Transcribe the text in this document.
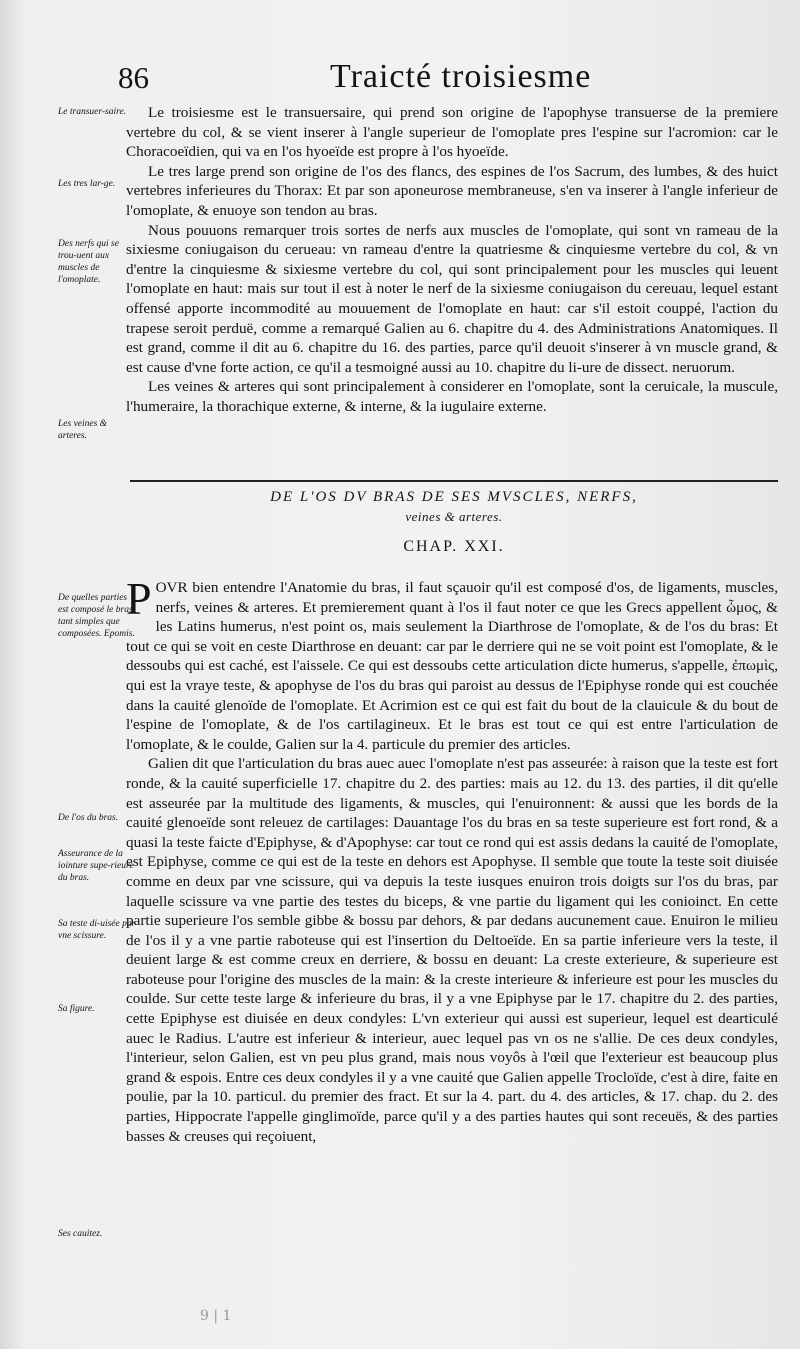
86	Traicté troisiesme
Le transuer-saire.
Les tres lar-ge.
Des nerfs qui se trou-uent aux muscles de l'omoplate.
Les veines & arteres.
De quelles parties est composé le bras tant simples que composées. Epomis.
De l'os du bras.
Asseurance de la iointure supe-rieure du bras.
Sa teste di-uisée par vne scissure.
Sa figure.
Ses cauitez.

Le troisiesme est le transuersaire, qui prend son origine de l'apophyse transuerse de la premiere vertebre du col, & se vient inserer à l'angle superieur de l'omoplate pres l'espine sur l'acromion: car le Choracoeïdien, qui va en l'os hyoeïde est propre à l'os hyoeïde.

Le tres large prend son origine de l'os des flancs, des espines de l'os Sacrum, des lumbes, & des huict vertebres inferieures du Thorax: Et par son aponeurose membraneuse, s'en va inserer à l'angle inferieur de l'omoplate, & enuoye son tendon au bras.

Nous pouuons remarquer trois sortes de nerfs aux muscles de l'omoplate, qui sont vn rameau de la sixiesme coniugaison du cerueau: vn rameau d'entre la quatriesme & cinquiesme vertebre du col, & vn d'entre la cinquiesme & sixiesme vertebre du col, qui sont principalement pour les muscles qui leuent l'omoplate en haut: mais sur tout il est à noter le nerf de la sixiesme coniugaison du cereuau, lequel estant offensé apporte incommodité au mouuement de l'omoplate en haut: car s'il estoit couppé, l'action du trapese seroit perduë, comme a remarqué Galien au 6. chapitre du 4. des Administrations Anatomiques. Il est grand, comme il dit au 6. chapitre du 16. des parties, parce qu'il deuoit s'inserer à vn muscle grand, & est cause d'vne forte action, ce qu'il a tesmoigné aussi au 10. chapitre du li-ure de dissect. neruorum.

Les veines & arteres qui sont principalement à considerer en l'omoplate, sont la ceruicale, la muscule, l'humeraire, la thorachique externe, & interne, & la iugulaire externe.

DE L'OS DV BRAS DE SES MVSCLES, NERFS,
veines & arteres.
CHAP. XXI.

POVR bien entendre l'Anatomie du bras, il faut sçauoir qu'il est composé d'os, de ligaments, muscles, nerfs, veines & arteres. Et premierement quant à l'os il faut noter ce que les Grecs appellent ὦμος, & les Latins humerus, n'est point os, mais seulement la Diarthrose de l'omoplate, & de l'os du bras: Et tout ce qui se voit en ceste Diarthrose en deuant: car par le derriere qui ne se voit point est l'omoplate, & le dessoubs qui est caché, est l'aissele. Ce qui est dessoubs cette articulation dicte humerus, s'appelle, ἐπωμὶς, qui est la vraye teste, & apophyse de l'os du bras qui paroist au dessus de l'Epiphyse ronde qui est couchée dans la cauité glenoïde de l'omoplate. Et Acrimion est ce qui est fait du bout de la clauicule & du bout de l'espine de l'omoplate, & de l'os cartilagineux. Et le bras est tout ce qui est entre l'articulation de l'omoplate, & le coulde, Galien sur la 4. particule du premier des articles.

Galien dit que l'articulation du bras auec auec l'omoplate n'est pas asseurée: à raison que la teste est fort ronde, & la cauité superficielle 17. chapitre du 2. des parties: mais au 12. du 13. des parties, il dit qu'elle est asseurée par la multitude des ligaments, & muscles, qui l'enuironnent: & aussi que les bords de la cauité glenoeïde sont releuez de cartilages: Dauantage l'os du bras en sa teste superieure est fort rond, & a quasi la teste faicte d'Epiphyse, & d'Apophyse: car tout ce rond qui est assis dedans la cauité de l'omoplate, est Epiphyse, comme ce qui est de la teste en dehors est Apophyse. Il semble que toute la teste soit diuisée comme en deux par vne scissure, qui va depuis la teste iusques enuiron trois doigts sur l'os du bras, par laquelle scissure va vne partie des testes du biceps, & vne partie du ligament qui les conioinct. En cette partie superieure l'os semble gibbe & bossu par dehors, & par dedans aucunement caue. Enuiron le milieu de l'os il y a vne partie raboteuse qui est l'insertion du Deltoeïde. En sa partie inferieure vers la teste, il deuient large & est comme creux en derriere, & bossu en deuant: La creste exterieure, & superieure est raboteuse pour l'origine des muscles de la main: & la creste interieure & inferieure est pour les muscles du coulde. Sur cette teste large & inferieure du bras, il y a vne Epiphyse par le 17. chapitre du 2. des parties, cette Epiphyse est diuisée en deux condyles: L'vn exterieur qui aussi est superieur, lequel est dearticulé auec le Radius. L'autre est inferieur & interieur, auec lequel pas vn os ne s'allie. De ces deux condyles, l'interieur, selon Galien, est vn peu plus grand, mais nous voyôs à l'œil que l'exterieur est beaucoup plus grand & espois. Entre ces deux condyles il y a vne cauité que Galien appelle Trocloïde, c'est à dire, faite en poulie, par la 10. particul. du premier des fract. Et sur la 4. part. du 4. des articles, & 17. chap. du 2. des parties, Hippocrate l'appelle ginglimoïde, parce qu'il y a des parties hautes qui sont receuës, & des parties basses & creuses qui reçoiuent,

9 | 1
